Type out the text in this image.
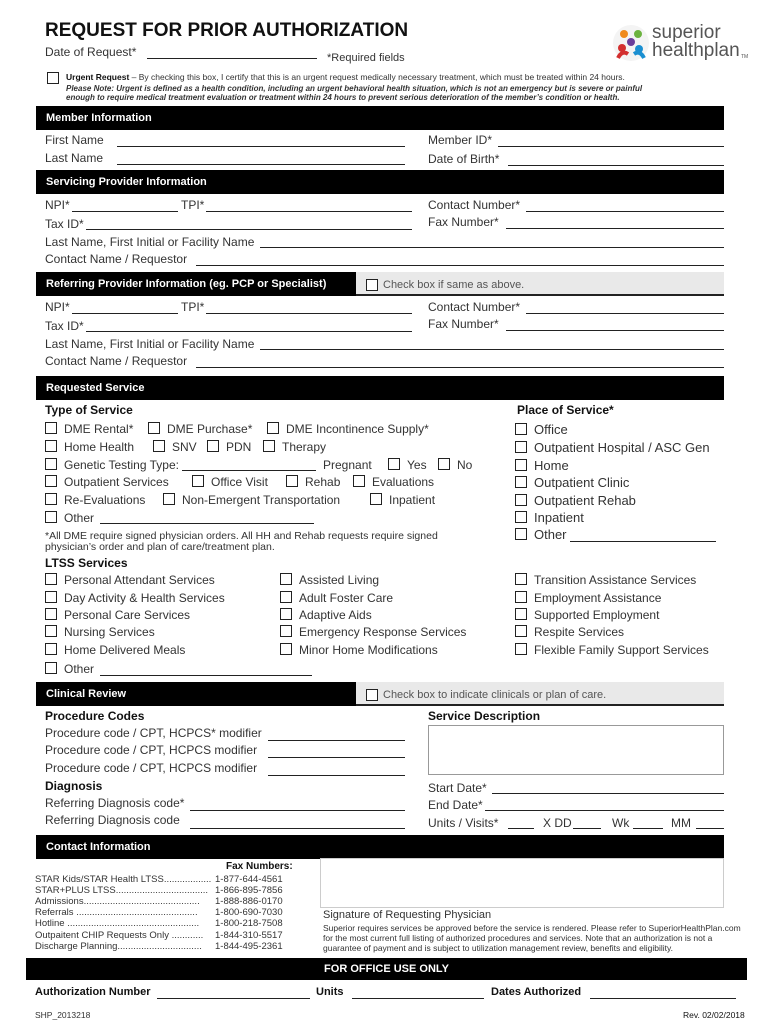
REQUEST FOR PRIOR AUTHORIZATION
Date of Request*	*Required fields
superior
healthplan TM
Urgent Request – By checking this box, I certify that this is an urgent request medically necessary treatment, which must be treated within 24 hours.
Please Note: Urgent is defined as a health condition, including an urgent behavioral health situation, which is not an emergency but is severe or painful
enough to require medical treatment evaluation or treatment within 24 hours to prevent serious deterioration of the member’s condition or health.
Member Information
First Name
Last Name
Member ID*
Date of Birth*
Servicing Provider Information
NPI*	TPI*
Tax ID*
Contact Number*
Fax Number*
Last Name, First Initial or Facility Name
Contact Name / Requestor
Referring Provider Information (eg. PCP or Specialist)	Check box if same as above.
NPI*	TPI*
Tax ID*
Contact Number*
Fax Number*
Last Name, First Initial or Facility Name
Contact Name / Requestor
Requested Service
Type of Service	Place of Service*
DME Rental*	DME Purchase*	DME Incontinence Supply*
Home Health	SNV PDN	Therapy
Genetic Testing Type:	Pregnant	Yes	No
Outpatient Services	Office Visit	Rehab	Evaluations
Re-Evaluations	Non-Emergent Transportation	Inpatient
Other
*All DME require signed physician orders. All HH and Rehab requests require signed
physician’s order and plan of care/treatment plan.
Office
Outpatient Hospital / ASC Gen
Home
Outpatient Clinic
Outpatient Rehab
Inpatient
Other
LTSS Services
Personal Attendant Services
Day Activity & Health Services
Personal Care Services
Nursing Services
Home Delivered Meals
Other
Assisted Living
Adult Foster Care
Adaptive Aids
Emergency Response Services
Minor Home Modifications
Transition Assistance Services
Employment Assistance
Supported Employment
Respite Services
Flexible Family Support Services
Clinical Review	Check box to indicate clinicals or plan of care.
Procedure Codes
Procedure code / CPT, HCPCS* modifier
Procedure code / CPT, HCPCS modifier
Procedure code / CPT, HCPCS modifier
Diagnosis
Referring Diagnosis code*
Referring Diagnosis code
Service Description
Start Date*
End Date*
Units / Visits*	X DD	Wk	MM
Contact Information
Fax Numbers:
STAR Kids/STAR Health LTSS.................. 1-877-644-4561
STAR+PLUS LTSS................................... 1-866-895-7856
Admissions............................................ 1-888-886-0170
Referrals .............................................. 1-800-690-7030
Hotline .................................................. 1-800-218-7508
Outpaitent CHIP Requests Only ............ 1-844-310-5517
Discharge Planning................................ 1-844-495-2361
Signature of Requesting Physician
Superior requires services be approved before the service is rendered. Please refer to SuperiorHealthPlan.com
for the most current full listing of authorized procedures and services. Note that an authorization is not a
guarantee of payment and is subject to utilization management review, benefits and eligibility.
FOR OFFICE USE ONLY
Authorization Number	Units	Dates Authorized
SHP_2013218	Rev. 02/02/2018
